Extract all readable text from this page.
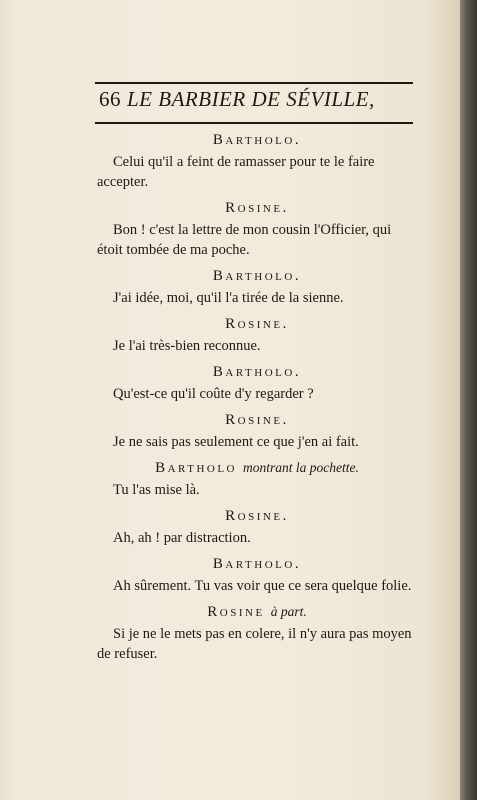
66 LE BARBIER DE SÉVILLE,

Bartholo.

Celui qu'il a feint de ramasser pour te le faire accepter.

Rosine.

Bon ! c'est la lettre de mon cousin l'Officier, qui étoit tombée de ma poche.

Bartholo.

J'ai idée, moi, qu'il l'a tirée de la sienne.

Rosine.

Je l'ai très-bien reconnue.

Bartholo.

Qu'est-ce qu'il coûte d'y regarder ?

Rosine.

Je ne sais pas seulement ce que j'en ai fait.

Bartholo montrant la pochette.

Tu l'as mise là.

Rosine.

Ah, ah ! par distraction.

Bartholo.

Ah sûrement. Tu vas voir que ce sera quelque folie.

Rosine à part.

Si je ne le mets pas en colere, il n'y aura pas moyen de refuser.
